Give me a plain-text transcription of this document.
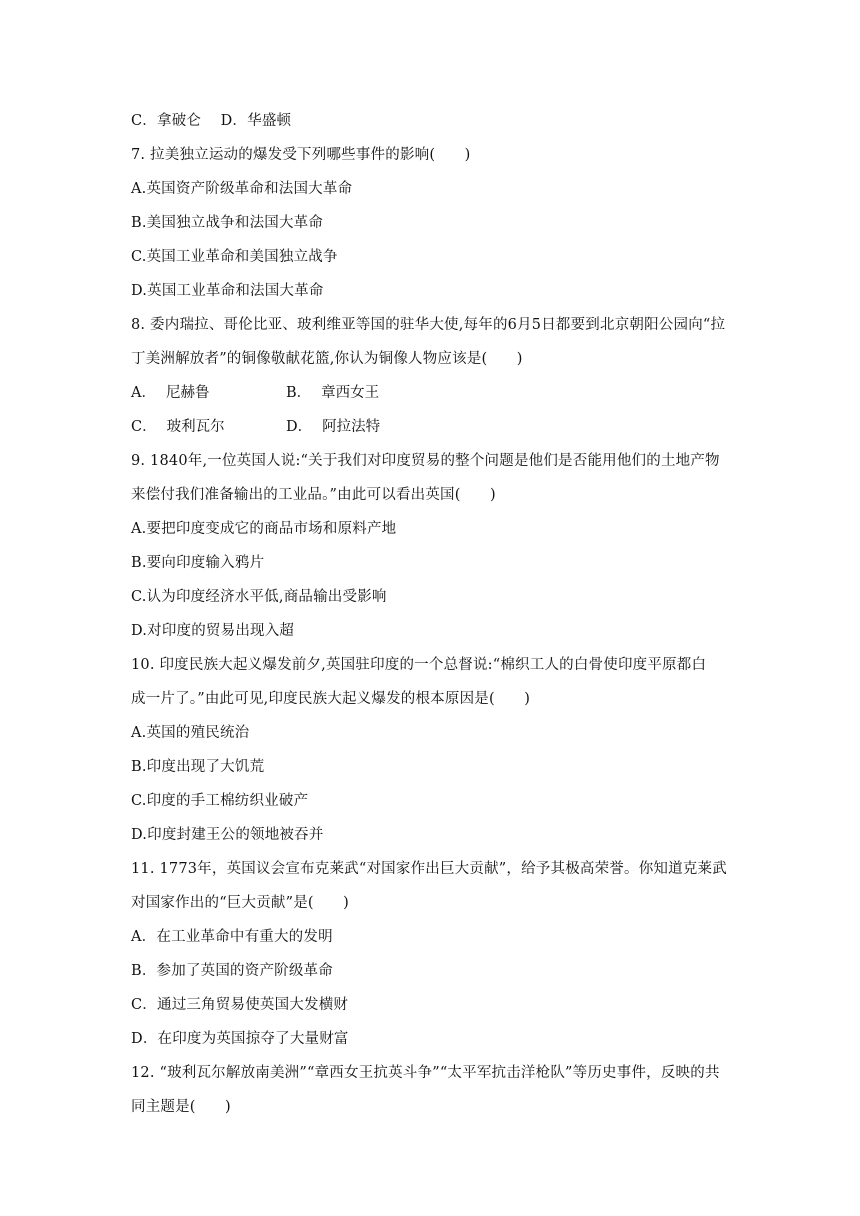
C．拿破仑　 D．华盛顿
7. 拉美独立运动的爆发受下列哪些事件的影响(　　)
A.英国资产阶级革命和法国大革命
B.美国独立战争和法国大革命
C.英国工业革命和美国独立战争
D.英国工业革命和法国大革命
8. 委内瑞拉、哥伦比亚、玻利维亚等国的驻华大使,每年的6月5日都要到北京朝阳公园向“拉
丁美洲解放者”的铜像敬献花篮,你认为铜像人物应该是(　　)
A． 尼赫鲁	B． 章西女王
C． 玻利瓦尔	D． 阿拉法特
9. 1840年,一位英国人说:“关于我们对印度贸易的整个问题是他们是否能用他们的土地产物
来偿付我们准备输出的工业品。”由此可以看出英国(　　)
A.要把印度变成它的商品市场和原料产地
B.要向印度输入鸦片
C.认为印度经济水平低,商品输出受影响
D.对印度的贸易出现入超
10. 印度民族大起义爆发前夕,英国驻印度的一个总督说:“棉织工人的白骨使印度平原都白
成一片了。”由此可见,印度民族大起义爆发的根本原因是(　　)
A.英国的殖民统治
B.印度出现了大饥荒
C.印度的手工棉纺织业破产
D.印度封建王公的领地被吞并
11. 1773年，英国议会宣布克莱武“对国家作出巨大贡献”，给予其极高荣誉。你知道克莱武
对国家作出的“巨大贡献”是(　　)
A．在工业革命中有重大的发明
B．参加了英国的资产阶级革命
C．通过三角贸易使英国大发横财
D．在印度为英国掠夺了大量财富
12. “玻利瓦尔解放南美洲”“章西女王抗英斗争”“太平军抗击洋枪队”等历史事件，反映的共
同主题是(　　)
